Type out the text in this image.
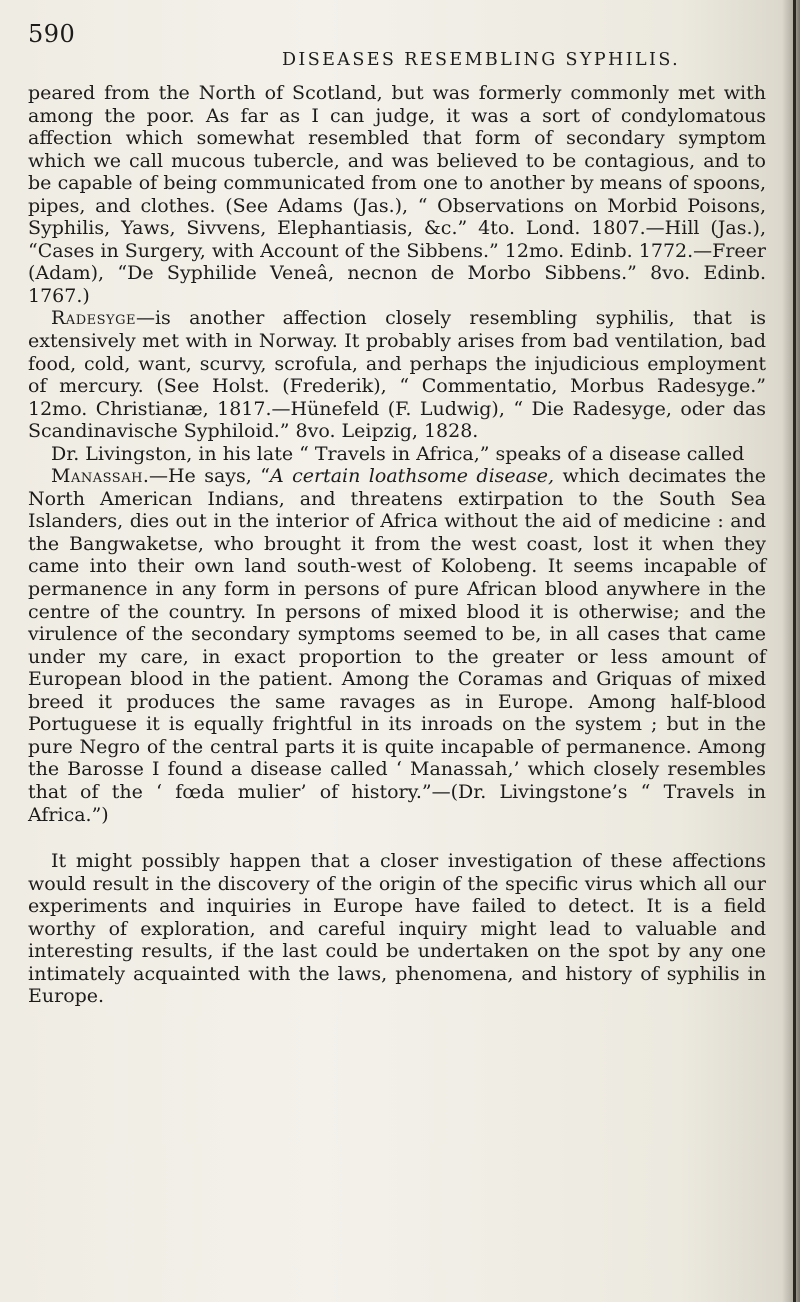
590
DISEASES RESEMBLING SYPHILIS.

peared from the North of Scotland, but was formerly commonly met with among the poor. As far as I can judge, it was a sort of condylomatous affection which somewhat resembled that form of secondary symptom which we call mucous tubercle, and was believed to be contagious, and to be capable of being communicated from one to another by means of spoons, pipes, and clothes. (See Adams (Jas.), “ Observations on Morbid Poisons, Syphilis, Yaws, Sivvens, Elephantiasis, &c.” 4to. Lond. 1807.—Hill (Jas.), “Cases in Surgery, with Account of the Sibbens.” 12mo. Edinb. 1772.—Freer (Adam), “De Syphilide Veneâ, necnon de Morbo Sibbens.” 8vo. Edinb. 1767.)

Radesyge—is another affection closely resembling syphilis, that is extensively met with in Norway. It probably arises from bad ventilation, bad food, cold, want, scurvy, scrofula, and perhaps the injudicious employment of mercury. (See Holst. (Frederik), “ Commentatio, Morbus Radesyge.” 12mo. Christianæ, 1817.—Hünefeld (F. Ludwig), “ Die Radesyge, oder das Scandinavische Syphiloid.” 8vo. Leipzig, 1828.

Dr. Livingston, in his late “ Travels in Africa,” speaks of a disease called

Manassah.—He says, “A certain loathsome disease, which decimates the North American Indians, and threatens extirpation to the South Sea Islanders, dies out in the interior of Africa without the aid of medicine : and the Bangwaketse, who brought it from the west coast, lost it when they came into their own land south-west of Kolobeng. It seems incapable of permanence in any form in persons of pure African blood anywhere in the centre of the country. In persons of mixed blood it is otherwise; and the virulence of the secondary symptoms seemed to be, in all cases that came under my care, in exact proportion to the greater or less amount of European blood in the patient. Among the Coramas and Griquas of mixed breed it produces the same ravages as in Europe. Among half-blood Portuguese it is equally frightful in its inroads on the system ; but in the pure Negro of the central parts it is quite incapable of permanence. Among the Barosse I found a disease called ‘ Manassah,’ which closely resembles that of the ‘ fœda mulier’ of history.”—(Dr. Livingstone’s “ Travels in Africa.”)

It might possibly happen that a closer investigation of these affections would result in the discovery of the origin of the specific virus which all our experiments and inquiries in Europe have failed to detect. It is a field worthy of exploration, and careful inquiry might lead to valuable and interesting results, if the last could be undertaken on the spot by any one intimately acquainted with the laws, phenomena, and history of syphilis in Europe.
